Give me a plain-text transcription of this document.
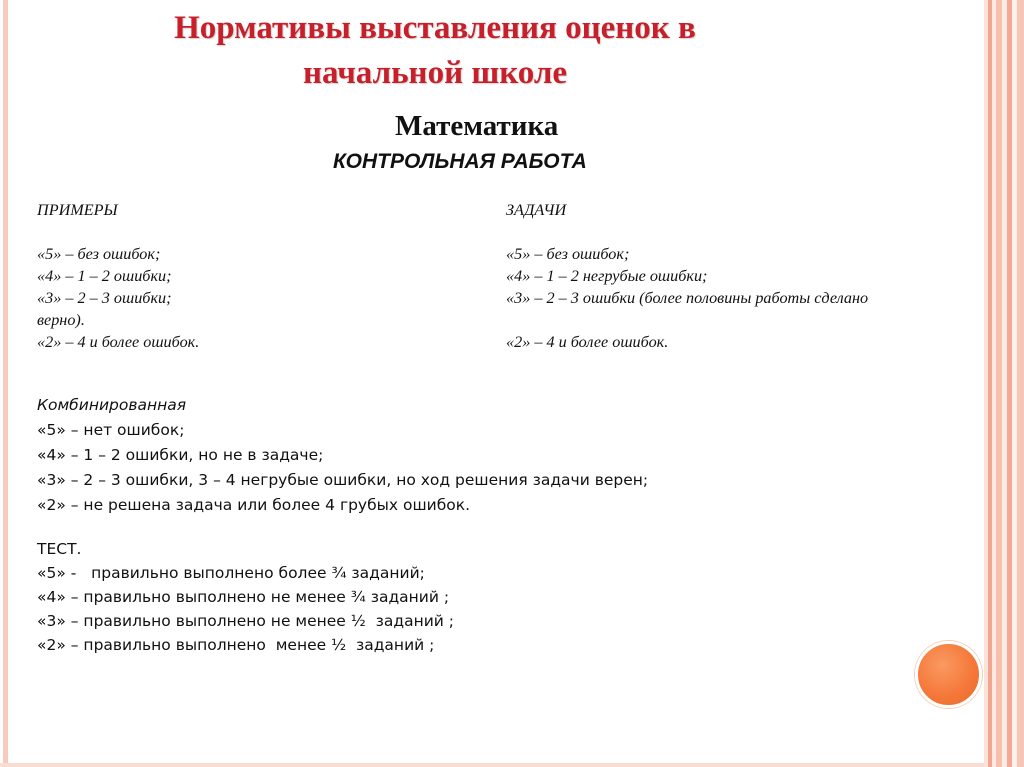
Нормативы выставления оценок в
начальной школе
Математика
КОНТРОЛЬНАЯ РАБОТА
ПРИМЕРЫ
«5» – без ошибок;
«4» – 1 – 2 ошибки;
«3» – 2 – 3 ошибки;
верно).
«2» – 4 и более ошибок.
ЗАДАЧИ
«5» – без ошибок;
«4» – 1 – 2 негрубые ошибки;
«3» – 2 – 3 ошибки (более половины работы сделано
«2» – 4 и более ошибок.
Комбинированная
«5» – нет ошибок;
«4» – 1 – 2 ошибки, но не в задаче;
«3» – 2 – 3 ошибки, 3 – 4 негрубые ошибки, но ход решения задачи верен;
«2» – не решена задача или более 4 грубых ошибок.
ТЕСТ.
«5» -   правильно выполнено более ¾ заданий;
«4» – правильно выполнено не менее ¾ заданий ;
«3» – правильно выполнено не менее ½  заданий ;
«2» – правильно выполнено  менее ½  заданий ;
